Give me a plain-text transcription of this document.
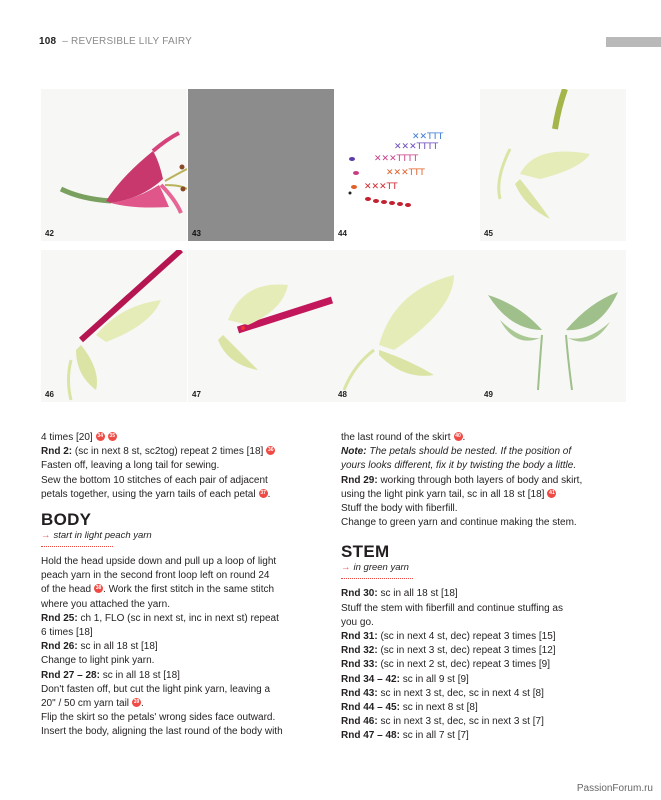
108 – REVERSIBLE LILY FAIRY
42	43
✕✕✕TTTT
✕✕✕TTTT
✕✕TTT
✕✕✕TTT
✕✕✕TT
44	45
46	47	48	49
4 times [20] 34 35
Rnd 2: (sc in next 8 st, sc2tog) repeat 2 times [18] 36
Fasten off, leaving a long tail for sewing.
Sew the bottom 10 stitches of each pair of adjacent
petals together, using the yarn tails of each petal 37 .
BODY
→ start in light peach yarn
Hold the head upside down and pull up a loop of light
peach yarn in the second front loop left on round 24
of the head 38 . Work the first stitch in the same stitch
where you attached the yarn.
Rnd 25: ch 1, FLO (sc in next st, inc in next st) repeat
6 times [18]
Rnd 26: sc in all 18 st [18]
Change to light pink yarn.
Rnd 27 – 28: sc in all 18 st [18]
Don't fasten off, but cut the light pink yarn, leaving a
20" / 50 cm yarn tail 39 .
Flip the skirt so the petals' wrong sides face outward.
Insert the body, aligning the last round of the body with
the last round of the skirt 40 .
Note: The petals should be nested. If the position of
yours looks different, fix it by twisting the body a little.
Rnd 29: working through both layers of body and skirt,
using the light pink yarn tail, sc in all 18 st [18] 41
Stuff the body with fiberfill.
Change to green yarn and continue making the stem.
STEM
→ in green yarn
Rnd 30: sc in all 18 st [18]
Stuff the stem with fiberfill and continue stuffing as
you go.
Rnd 31: (sc in next 4 st, dec) repeat 3 times [15]
Rnd 32: (sc in next 3 st, dec) repeat 3 times [12]
Rnd 33: (sc in next 2 st, dec) repeat 3 times [9]
Rnd 34 – 42: sc in all 9 st [9]
Rnd 43: sc in next 3 st, dec, sc in next 4 st [8]
Rnd 44 – 45: sc in next 8 st [8]
Rnd 46: sc in next 3 st, dec, sc in next 3 st [7]
Rnd 47 – 48: sc in all 7 st [7]
PassionForum.ru
